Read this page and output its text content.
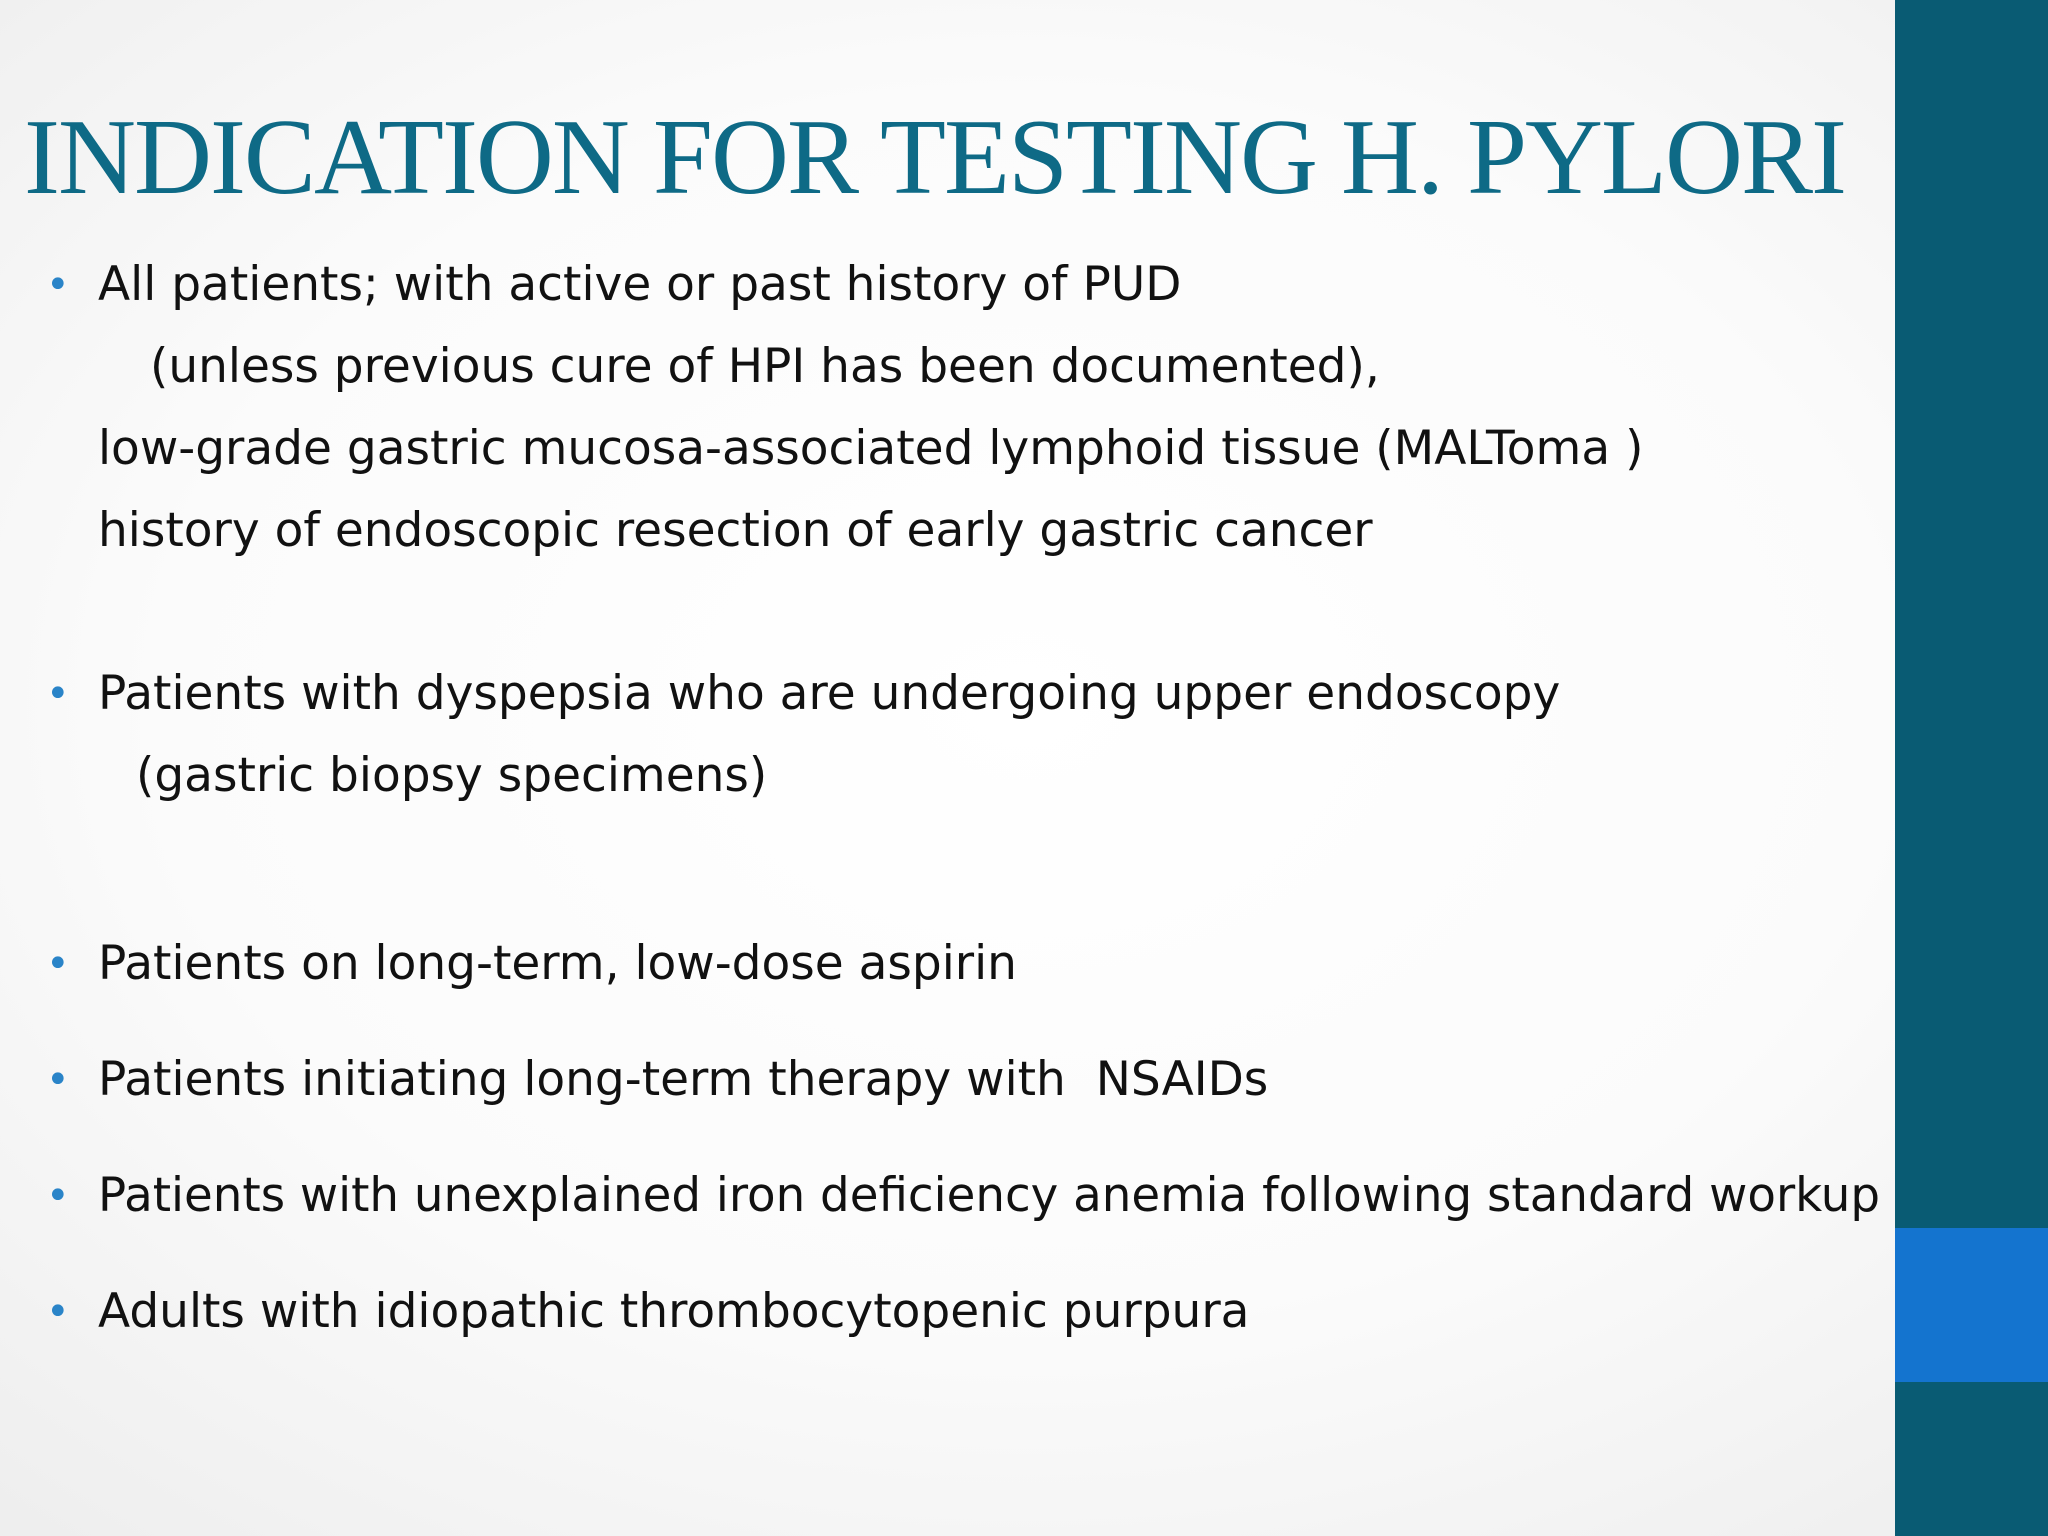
INDICATION FOR TESTING H. PYLORI
• All patients; with active or past history of PUD
(unless previous cure of HPI has been documented),
low-grade gastric mucosa-associated lymphoid tissue (MALToma )
history of endoscopic resection of early gastric cancer
• Patients with dyspepsia who are undergoing upper endoscopy
(gastric biopsy specimens)
• Patients on long-term, low-dose aspirin
• Patients initiating long-term therapy with  NSAIDs
• Patients with unexplained iron deficiency anemia following standard workup
• Adults with idiopathic thrombocytopenic purpura
